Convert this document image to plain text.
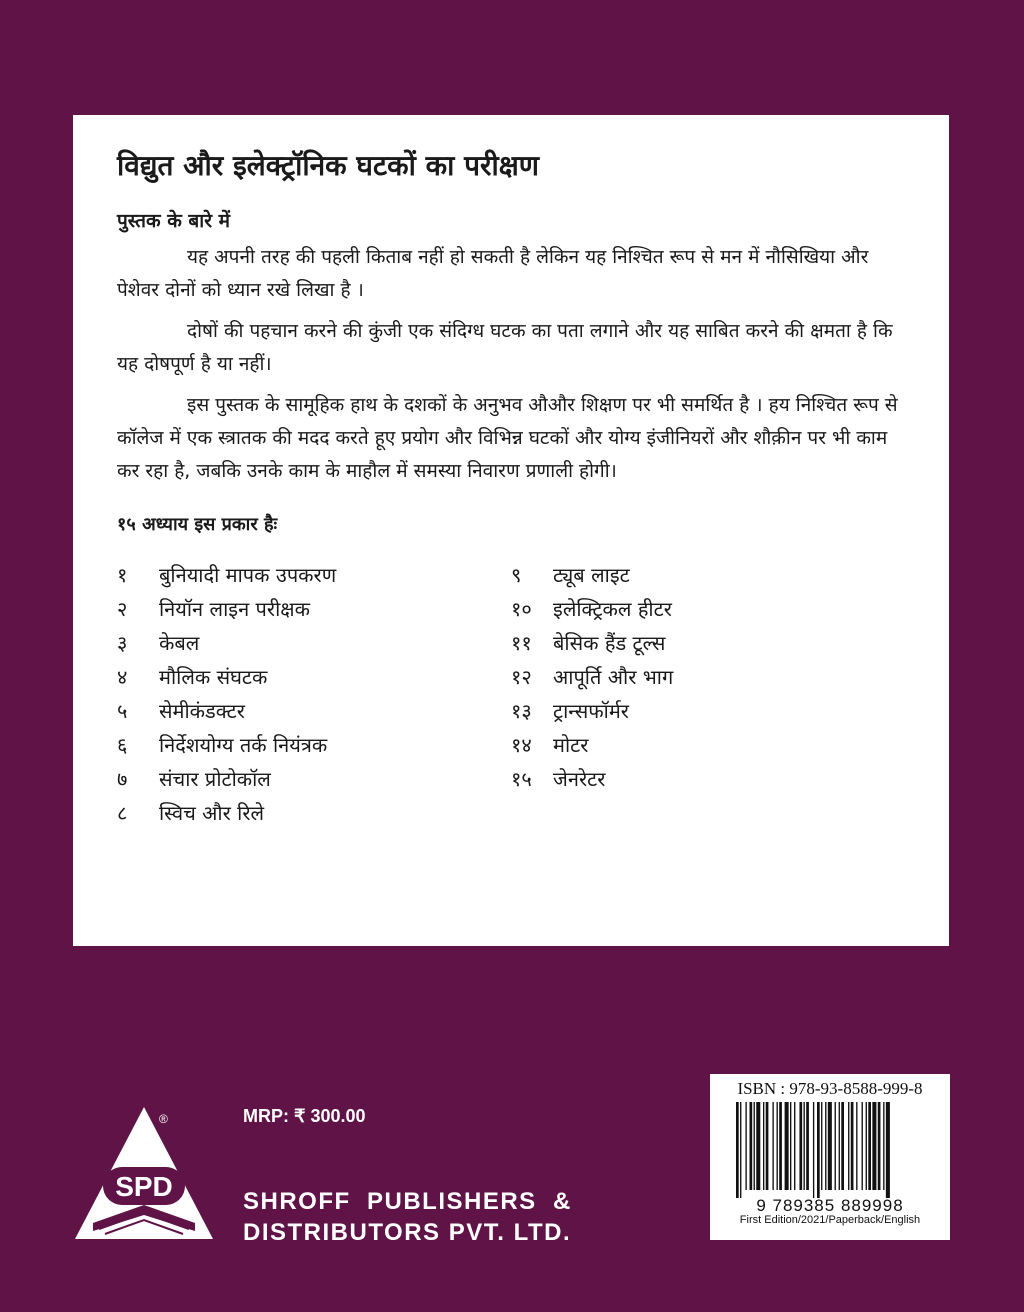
विद्युत और इलेक्ट्रॉनिक घटकों का परीक्षण
पुस्तक के बारे में

यह अपनी तरह की पहली किताब नहीं हो सकती है लेकिन यह निश्चित रूप से मन में नौसिखिया और पेशेवर दोनों को ध्यान रखे लिखा है ।

दोषों की पहचान करने की कुंजी एक संदिग्ध घटक का पता लगाने और यह साबित करने की क्षमता है कि यह दोषपूर्ण है या नहीं।

इस पुस्तक के सामूहिक हाथ के दशकों के अनुभव औऔर शिक्षण पर भी समर्थित है । हय निश्चित रूप से कॉलेज में एक स्त्रातक की मदद करते हूए प्रयोग और विभिन्न घटकों और योग्य इंजीनियरों और शौक़ीन पर भी काम कर रहा है, जबकि उनके काम के माहौल में समस्या निवारण प्रणाली होगी।

१५ अध्याय इस प्रकार हैः
१	बुनियादी मापक उपकरण
२	नियॉन लाइन परीक्षक
३	केबल
४	मौलिक संघटक
५	सेमीकंडक्टर
६	निर्देशयोग्य तर्क नियंत्रक
७	संचार प्रोटोकॉल
८	स्विच और रिले
९	ट्यूब लाइट
१०	इलेक्ट्रिकल हीटर
११	बेसिक हैंड टूल्स
१२	आपूर्ति और भाग
१३	ट्रान्सफॉर्मर
१४	मोटर
१५	जेनरेटर
SPD
®	MRP: ₹ 300.00
SHROFF  PUBLISHERS  &
DISTRIBUTORS PVT. LTD.
ISBN : 978-93-8588-999-8
9 789385 889998
First Edition/2021/Paperback/English
